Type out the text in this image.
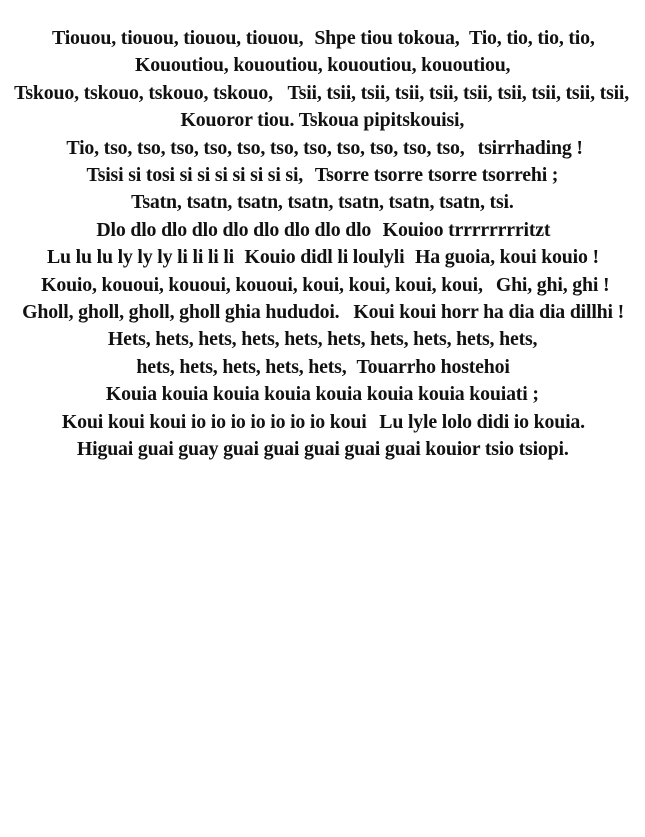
Tiouou, tiouou, tiouou, tiouou, Shpe tiou tokoua, Tio, tio, tio, tio, Kououtiou, kououtiou, kououtiou, kououtiou, Tskouo, tskouo, tskouo, tskouo, Tsii, tsii, tsii, tsii, tsii, tsii, tsii, tsii, tsii, tsii, Kouoror tiou. Tskoua pipitskouisi, Tio, tso, tso, tso, tso, tso, tso, tso, tso, tso, tso, tso, tsirrhading ! Tsisi si tosi si si si si si si si, Tsorre tsorre tsorre tsorrehi ; Tsatn, tsatn, tsatn, tsatn, tsatn, tsatn, tsatn, tsi. Dlo dlo dlo dlo dlo dlo dlo dlo dlo Kouioo trrrrrrrritzt Lu lu lu ly ly ly li li li li Kouio didl li loulyli Ha guoia, koui kouio ! Kouio, kououi, kououi, kououi, koui, koui, koui, koui, Ghi, ghi, ghi ! Gholl, gholl, gholl, gholl ghia hududoi. Koui koui horr ha dia dia dillhi ! Hets, hets, hets, hets, hets, hets, hets, hets, hets, hets, hets, hets, hets, hets, hets, Touarrho hostehoi Kouia kouia kouia kouia kouia kouia kouia kouiati ; Koui koui koui io io io io io io io koui Lu lyle lolo didi io kouia. Higuai guai guay guai guai guai guai guai kouior tsio tsiopi.
